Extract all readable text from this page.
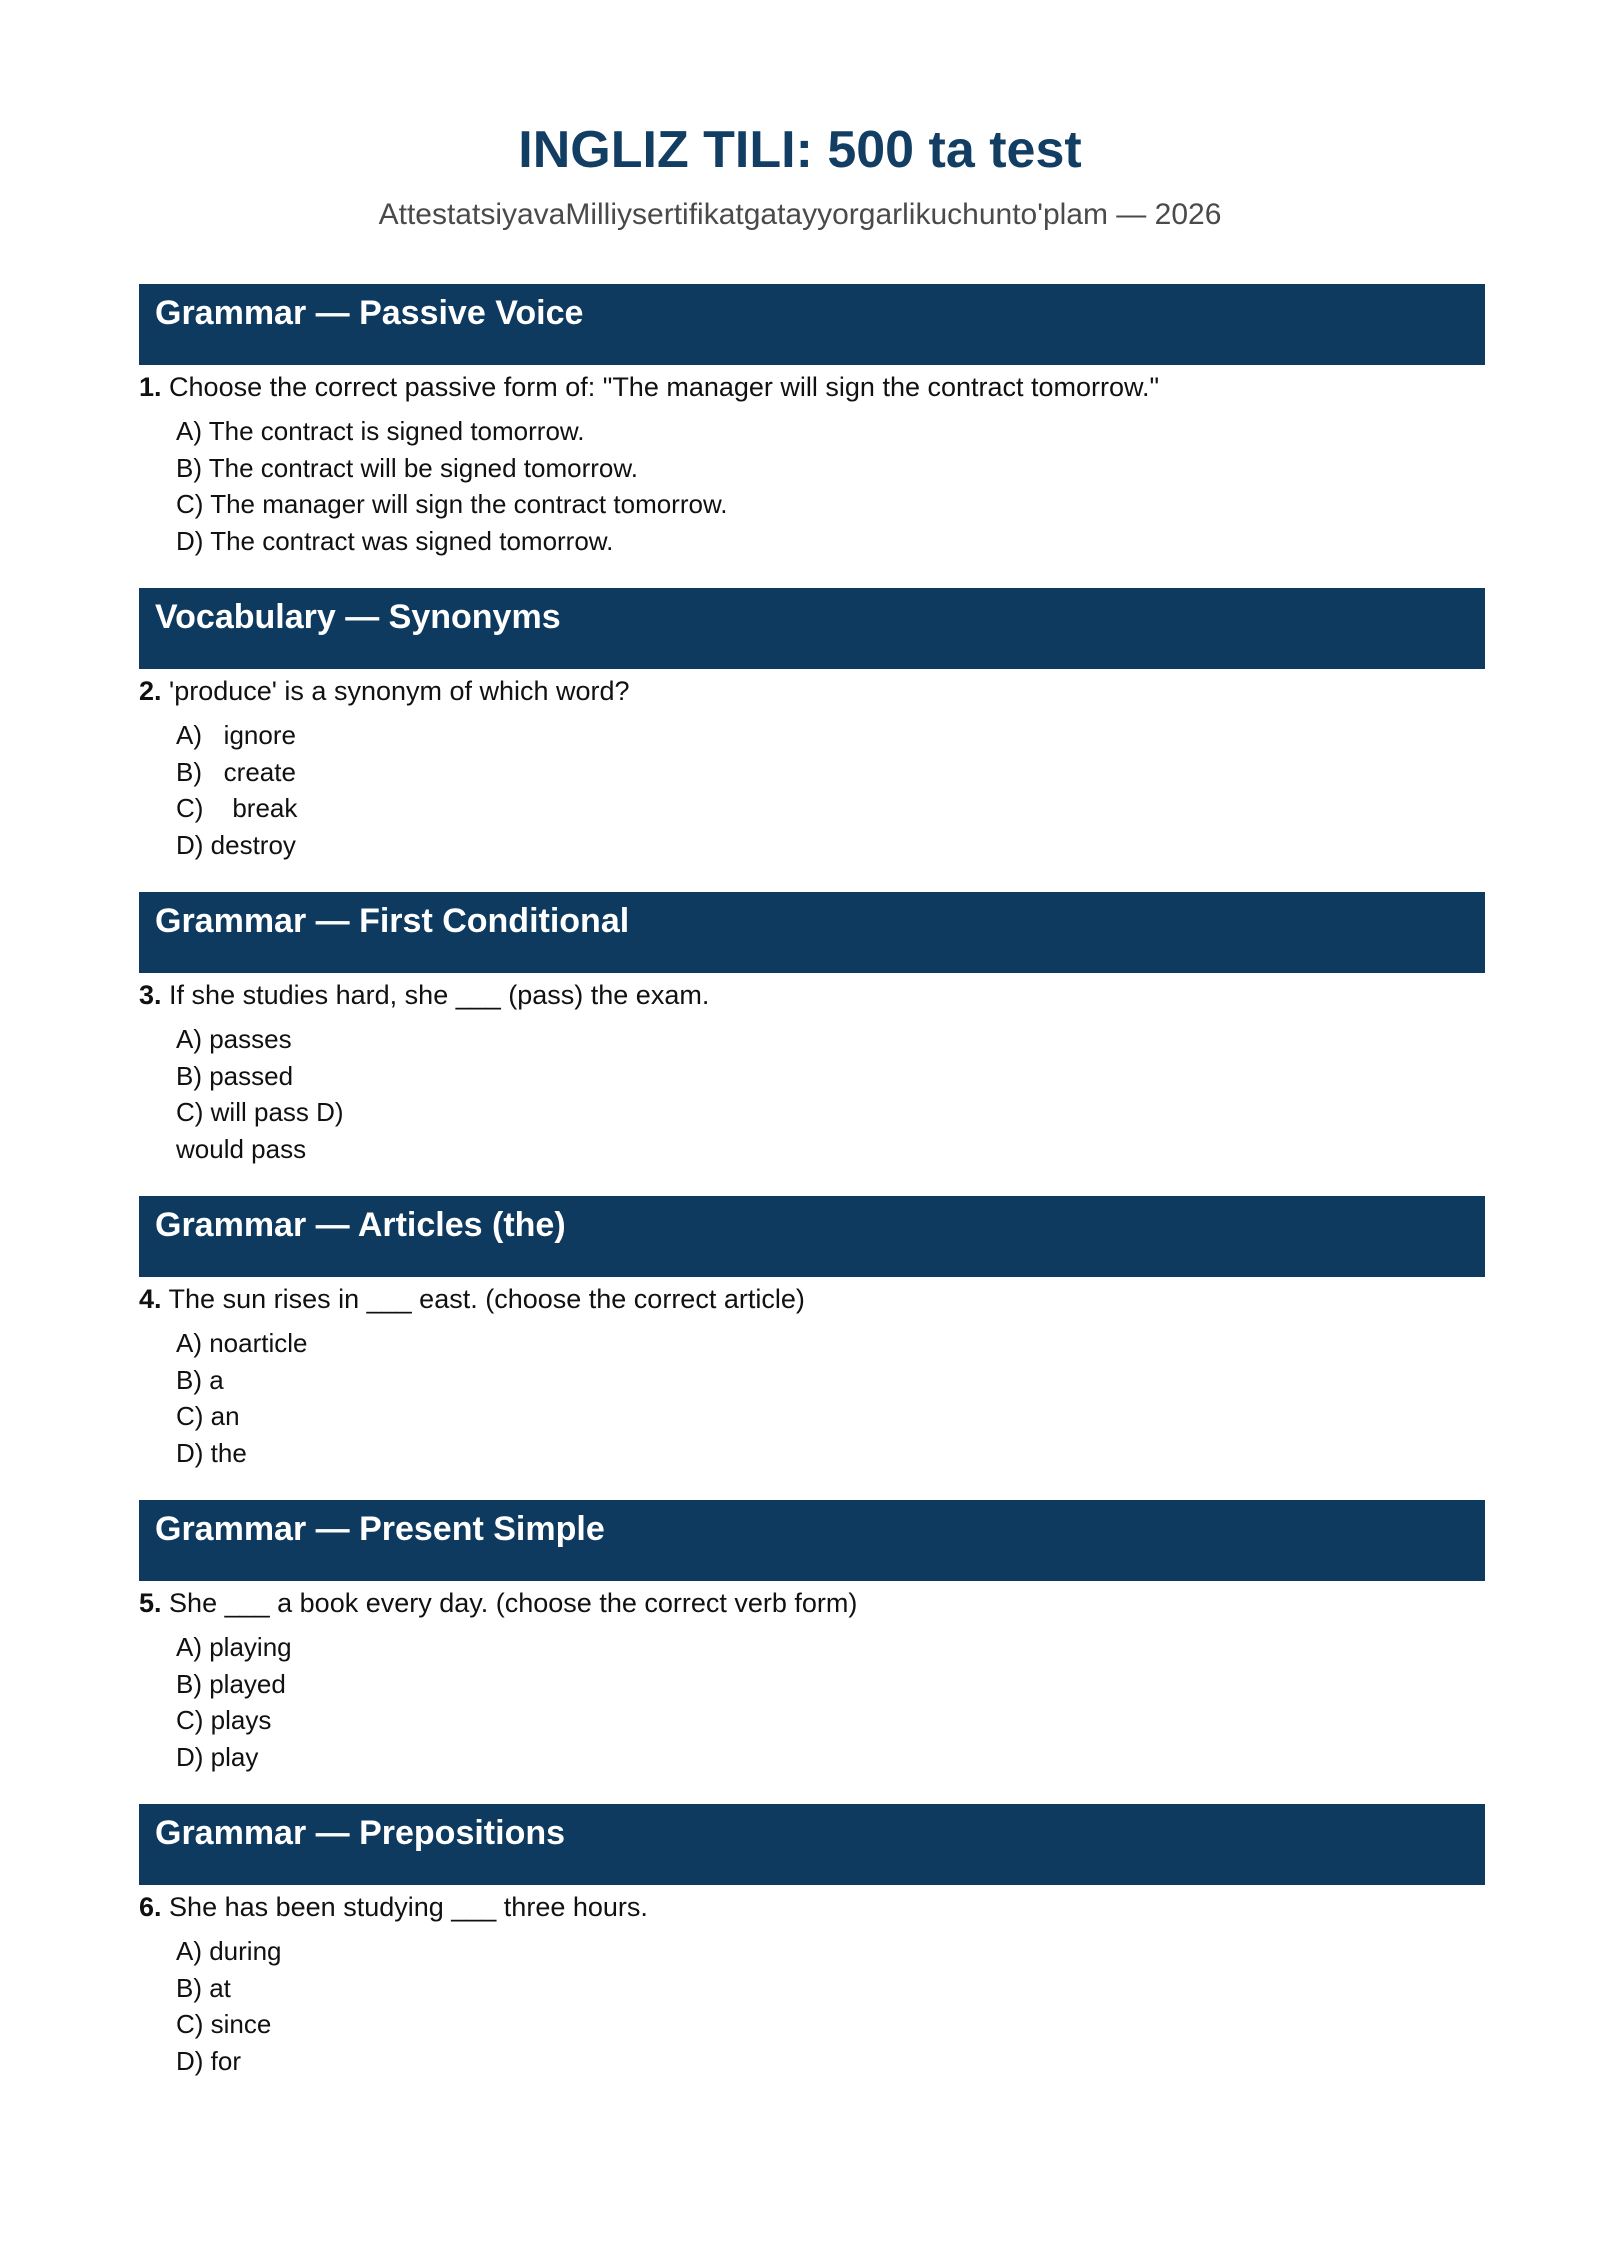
INGLIZ TILI: 500 ta test
AttestatsiyavaMilliysertifikatgatayyorgarlikuchunto'plam — 2026
Grammar — Passive Voice
1. Choose the correct passive form of: "The manager will sign the contract tomorrow."
A) The contract is signed tomorrow.
B) The contract will be signed tomorrow.
C) The manager will sign the contract tomorrow.
D) The contract was signed tomorrow.
Vocabulary — Synonyms
2. 'produce' is a synonym of which word?
A)   ignore
B)   create
C)    break
D) destroy
Grammar — First Conditional
3. If she studies hard, she ___ (pass) the exam.
A) passes
B) passed
C) will pass D)
would pass
Grammar — Articles (the)
4. The sun rises in ___ east. (choose the correct article)
A) noarticle
B) a
C) an
D) the
Grammar — Present Simple
5. She ___ a book every day. (choose the correct verb form)
A) playing
B) played
C) plays
D) play
Grammar — Prepositions
6. She has been studying ___ three hours.
A) during
B) at
C) since
D) for
